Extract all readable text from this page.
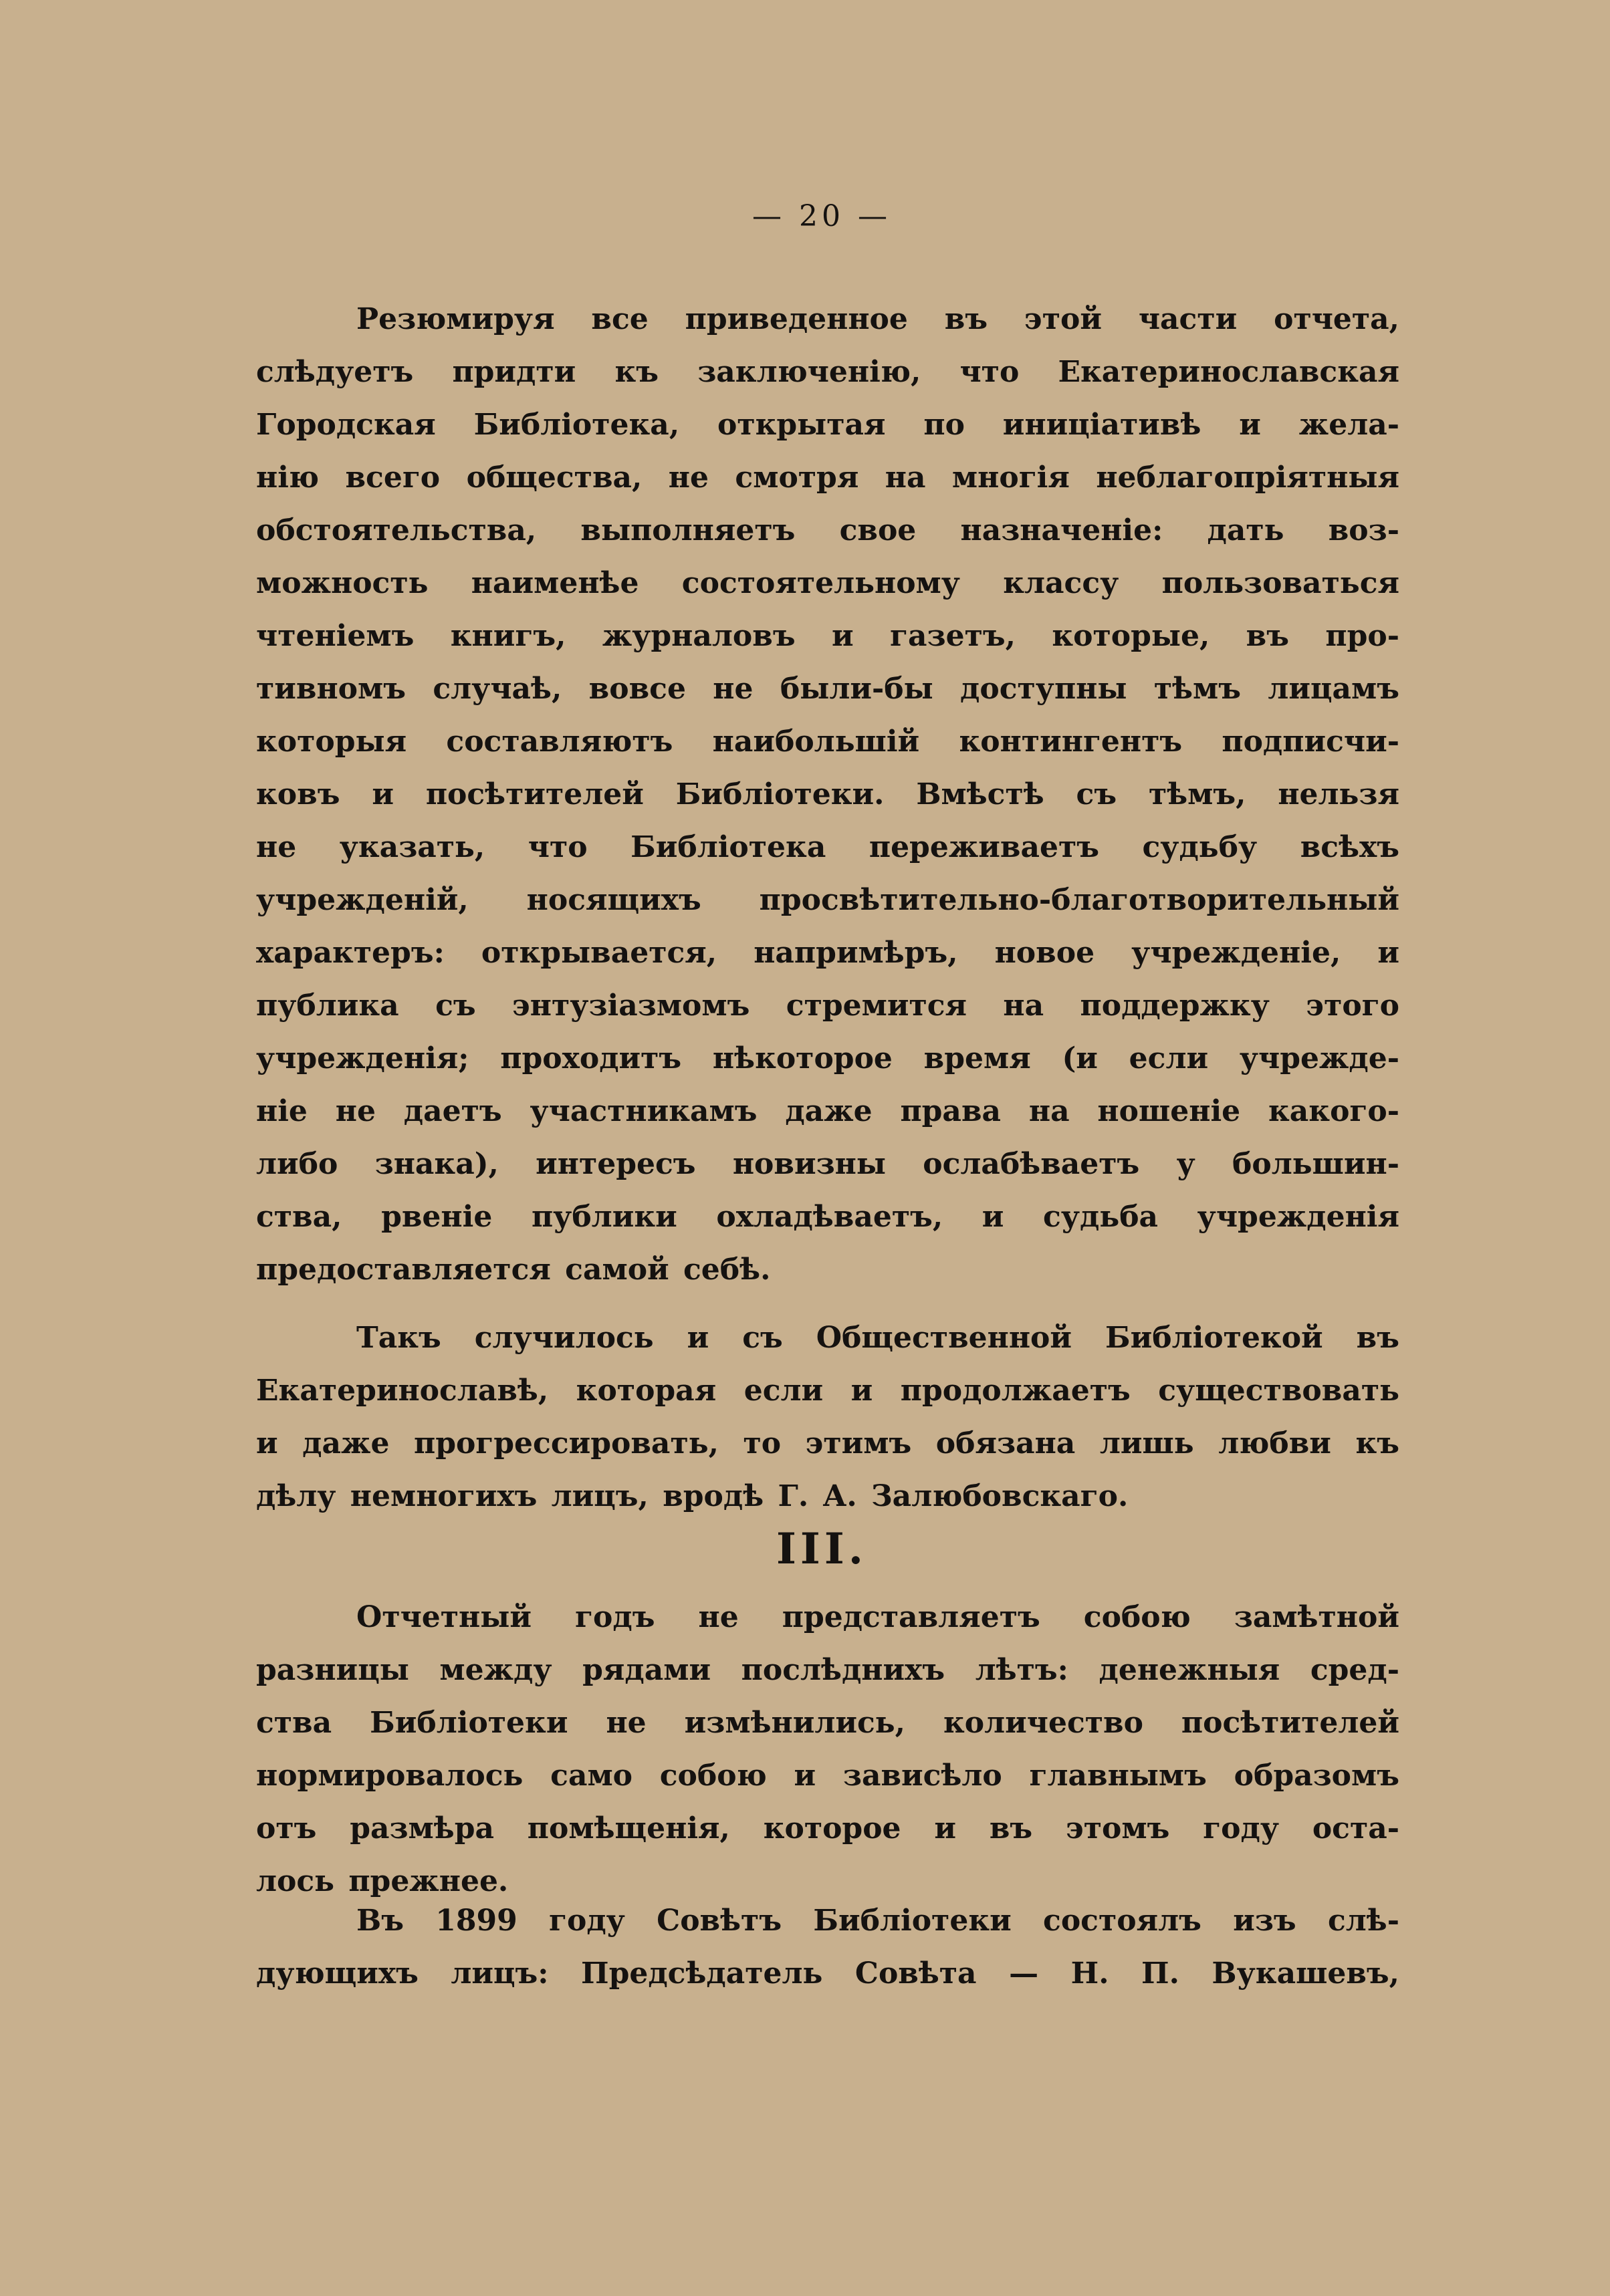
— 20 —
Резюмируя все приведенное въ этой части отчета,
слѣдуетъ придти къ заключенію, что Екатеринославская
Городская Библіотека, открытая по иниціативѣ и жела-
нію всего общества, не смотря на многія неблагопріятныя
обстоятельства, выполняетъ свое назначеніе: дать воз-
можность наименѣе состоятельному классу пользоваться
чтеніемъ книгъ, журналовъ и газетъ, которые, въ про-
тивномъ случаѣ, вовсе не были-бы доступны тѣмъ лицамъ
которыя составляютъ наибольшій контингентъ подписчи-
ковъ и посѣтителей Библіотеки. Вмѣстѣ съ тѣмъ, нельзя
не указать, что Библіотека переживаетъ судьбу всѣхъ
учрежденій, носящихъ просвѣтительно-благотворительный
характеръ: открывается, напримѣръ, новое учрежденіе, и
публика съ энтузіазмомъ стремится на поддержку этого
учрежденія; проходитъ нѣкоторое время (и если учрежде-
ніе не даетъ участникамъ даже права на ношеніе какого-
либо знака), интересъ новизны ослабѣваетъ у большин-
ства, рвеніе публики охладѣваетъ, и судьба учрежденія
предоставляется самой себѣ.
Такъ случилось и съ Общественной Библіотекой въ
Екатеринославѣ, которая если и продолжаетъ существовать
и даже прогрессировать, то этимъ обязана лишь любви къ
дѣлу немногихъ лицъ, вродѣ Г. А. Залюбовскаго.
III.
Отчетный годъ не представляетъ собою замѣтной
разницы между рядами послѣднихъ лѣтъ: денежныя сред-
ства Библіотеки не измѣнились, количество посѣтителей
нормировалось само собою и зависѣло главнымъ образомъ
отъ размѣра помѣщенія, которое и въ этомъ году оста-
лось прежнее.
Въ 1899 году Совѣтъ Библіотеки состоялъ изъ слѣ-
дующихъ лицъ: Предсѣдатель Совѣта — Н. П. Вукашевъ,
